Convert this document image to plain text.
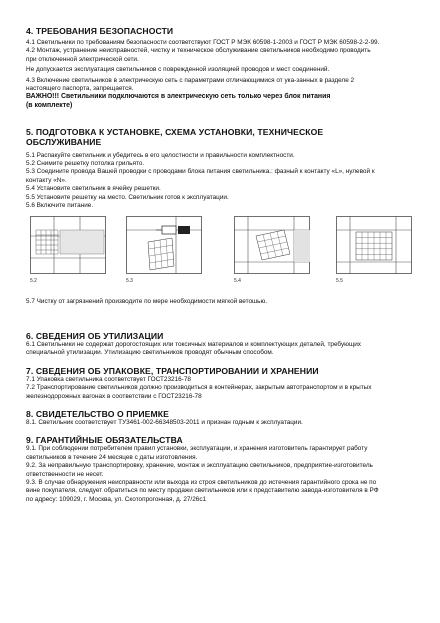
4. ТРЕБОВАНИЯ БЕЗОПАСНОСТИ

4.1 Светильники по требованиям безопасности соответствуют ГОСТ Р МЭК 60598-1-2003 и ГОСТ Р МЭК 60598-2-2-99.

4.2 Монтаж, устранение неисправностей, чистку и техническое обслуживание светильников необходимо проводить

при отключенной электрической сети.

Не допускается эксплуатация светильников с поврежденной изоляцией проводов и мест соединений.

4.3 Включение светильников в электрическую сеть с параметрами отличающимися от ука-занных в разделе 2

настоящего паспорта, запрещается.

ВАЖНО!!! Светильники подключаются в электрическую сеть только через блок питания

(в комплекте)

5. ПОДГОТОВКА К УСТАНОВКЕ, СХЕМА УСТАНОВКИ, ТЕХНИЧЕСКОЕ

ОБСЛУЖИВАНИЕ

5.1 Распакуйте светильник и убедитесь в его целостности и правильности комплектности.

5.2 Снимите решетку потолка грильято.

5.3 Соедините провода Вашей проводки с проводами блока питания светильника.: фазный к контакту «L», нулевой к

контакту «N».

5.4 Установите светильник в ячейку решетки.

5.5 Установите решетку на место. Светильник готов к эксплуатации.

5.6 Включите питание.

5.2	5.3	5.4	5.5

5.7 Чистку от загрязнений производите по мере необходимости мягкой ветошью.

6. СВЕДЕНИЯ ОБ УТИЛИЗАЦИИ

6.1 Светильники не содержат дорогостоящих или токсичных материалов и комплектующих деталей, требующих

специальной утилизации. Утилизацию светильников проводят обычным способом.

7. СВЕДЕНИЯ ОБ УПАКОВКЕ, ТРАНСПОРТИРОВАНИИ И ХРАНЕНИИ

7.1 Упаковка светильника соответствует ГОСТ23216-78

7.2 Транспортирование светильников должно производиться в контейнерах, закрытым автотранспортом и в крытых

железнодорожных вагонах в соответствии с ГОСТ23216-78

8. СВИДЕТЕЛЬСТВО О ПРИЕМКЕ

8.1. Светильник соответствует ТУ3461-002-66348503-2011 и признан годным к эксплуатации.

9. ГАРАНТИЙНЫЕ ОБЯЗАТЕЛЬСТВА

9.1. При соблюдении потребителем правил установки, эксплуатации, и хранения изготовитель гарантирует работу

светильников в течение 24 месяцев с даты изготовления.

9.2. За неправильную транспортировку, хранение, монтаж и эксплуатацию светильников, предприятие-изготовитель

ответственности не несет.

9.3. В случае обнаружения неисправности или выхода из строя светильников до истечения гарантийного срока не по

вине покупателя, следует обратиться по месту продажи светильников или к представителю завода-изготовителя в РФ

по адресу: 109029, г. Москва, ул. Скотопрогонная, д. 27/26с1
